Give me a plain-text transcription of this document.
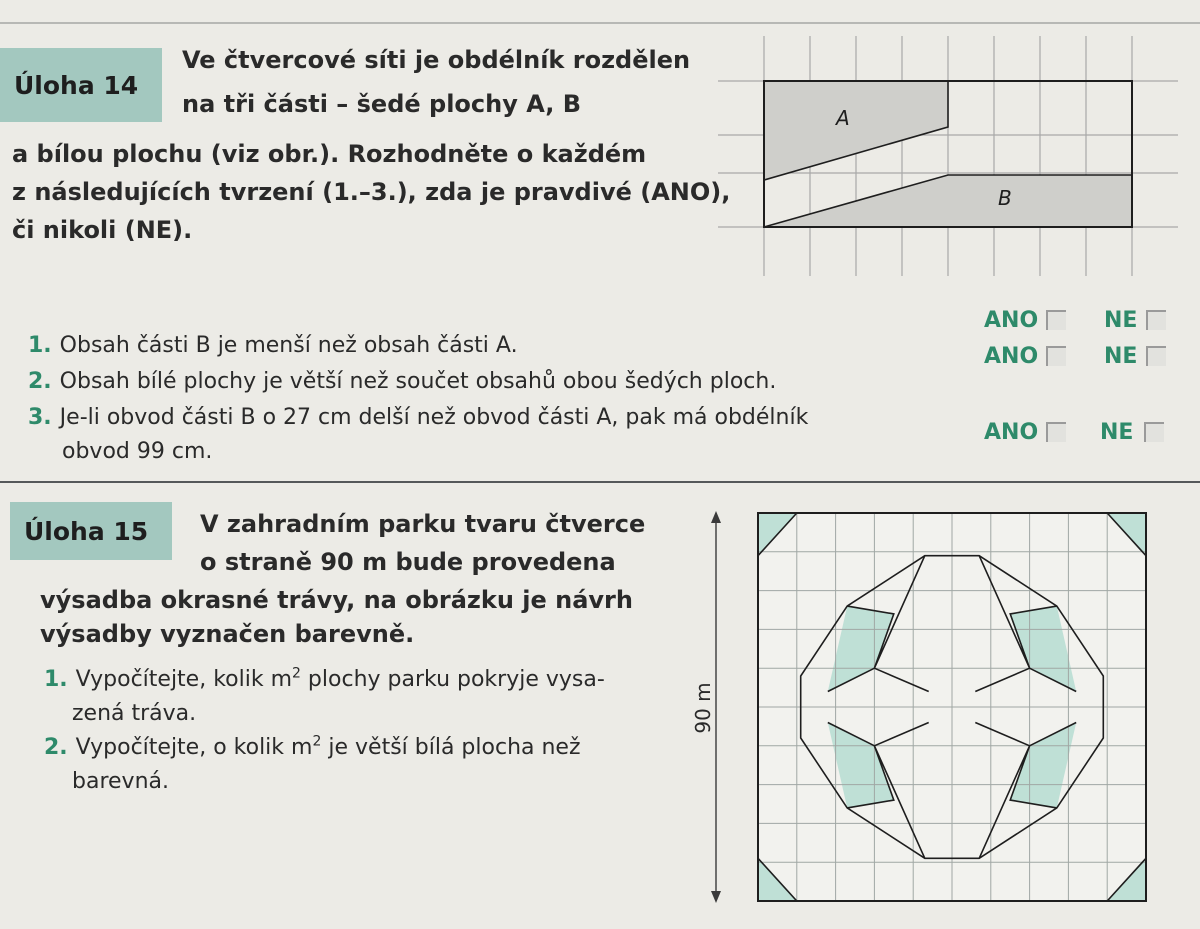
Úloha 14
Ve čtvercové síti je obdélník rozdělen
na tři části – šedé plochy A, B
a bílou plochu (viz obr.). Rozhodněte o každém
z následujících tvrzení (1.–3.), zda je pravdivé (ANO),
či nikoli (NE).
A
B
1. Obsah části B je menší než obsah části A.
2. Obsah bílé plochy je větší než součet obsahů obou šedých ploch.
3. Je-li obvod části B o 27 cm delší než obvod části A, pak má obdélník
obvod 99 cm.
ANO	NE
ANO	NE
ANO	NE
Úloha 15 V zahradním parku tvaru čtverce
o straně 90 m bude provedena
výsadba okrasné trávy, na obrázku je návrh
výsadby vyznačen barevně.
1. Vypočítejte, kolik $m^2$ plochy parku pokryje vysa-
zená tráva.
2. Vypočítejte, o kolik $m^2$ je větší bílá plocha než
barevná.
90 m
